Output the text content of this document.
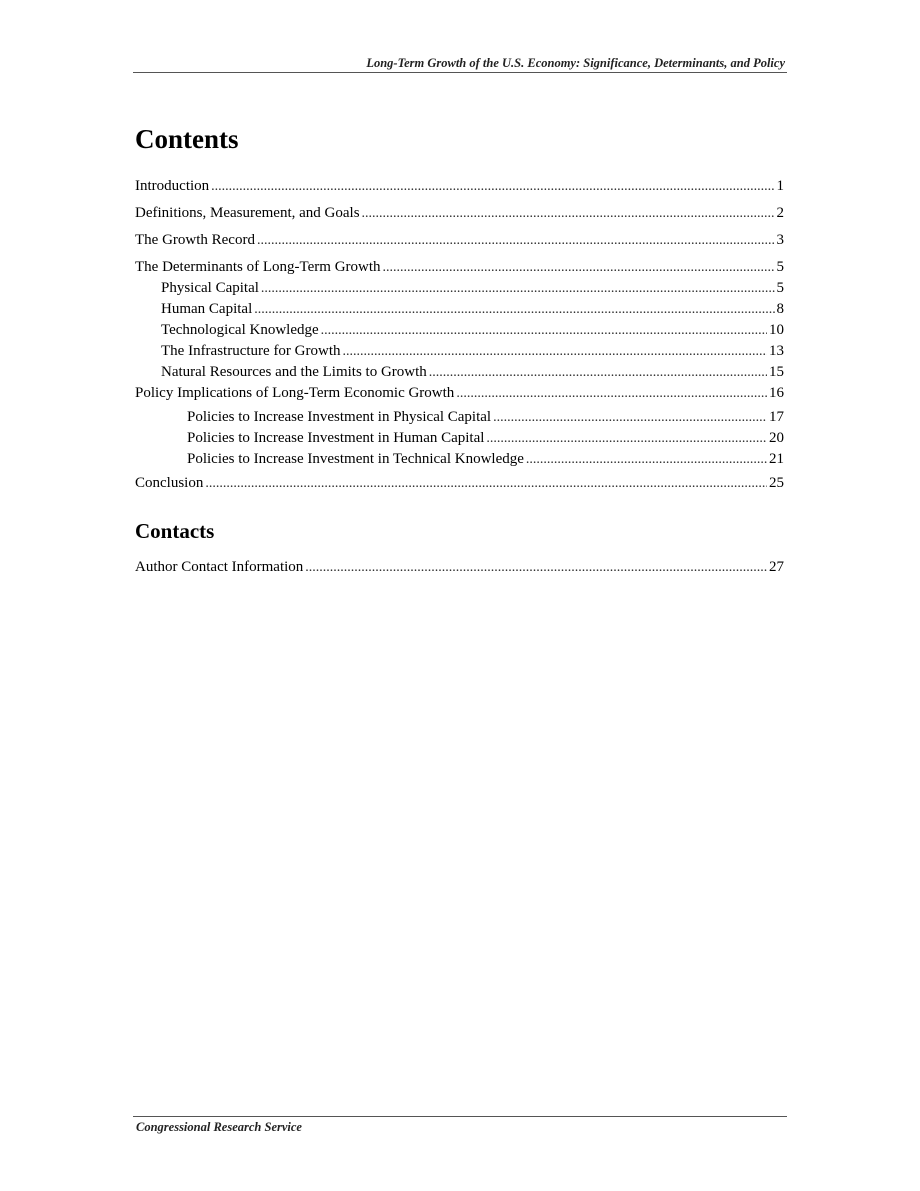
Long-Term Growth of the U.S. Economy: Significance, Determinants, and Policy
Contents
Introduction .....	1
Definitions, Measurement, and Goals .....	2
The Growth Record .....	3
The Determinants of Long-Term Growth .....	5
Physical Capital .....	5
Human Capital .....	8
Technological Knowledge .....	10
The Infrastructure for Growth .....	13
Natural Resources and the Limits to Growth .....	15
Policy Implications of Long-Term Economic Growth .....	16
Policies to Increase Investment in Physical Capital .....	17
Policies to Increase Investment in Human Capital .....	20
Policies to Increase Investment in Technical Knowledge .....	21
Conclusion .....	25
Contacts
Author Contact Information .....	27
Congressional Research Service
